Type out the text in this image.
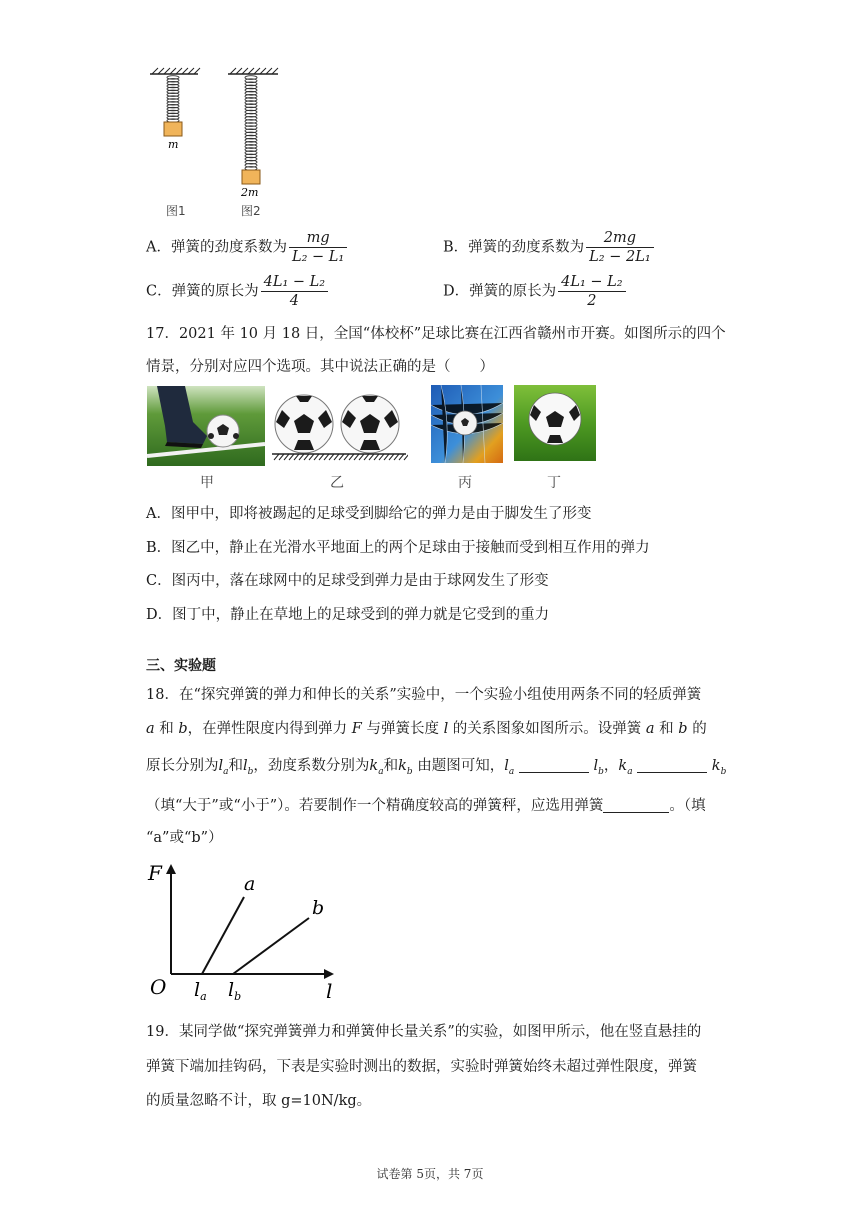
m
2m
图1	图2
A．弹簧的劲度系数为 $\frac{mg}{\text{L₂ − L₁}}$	B．弹簧的劲度系数为 $\frac{2mg}{\text{L₂ − 2L₁}}$
C．弹簧的原长为 $\frac{\text{4L₁ − L₂}}{4}$	D．弹簧的原长为 $\frac{\text{4L₁ − L₂}}{2}$
17．2021 年 10 月 18 日，全国“体校杯”足球比赛在江西省赣州市开赛。如图所示的四个
情景，分别对应四个选项。其中说法正确的是（　　）
甲	乙	丙	丁
A．图甲中，即将被踢起的足球受到脚给它的弹力是由于脚发生了形变
B．图乙中，静止在光滑水平地面上的两个足球由于接触而受到相互作用的弹力
C．图丙中，落在球网中的足球受到弹力是由于球网发生了形变
D．图丁中，静止在草地上的足球受到的弹力就是它受到的重力
三、实验题
18．在“探究弹簧的弹力和伸长的关系”实验中，一个实验小组使用两条不同的轻质弹簧
a 和 b，在弹性限度内得到弹力 F 与弹簧长度 l 的关系图象如图所示。设弹簧 a 和 b 的
原长分别为$l_a$和$l_b$，劲度系数分别为$k_a$和$k_b$ 由题图可知，$l_a$	$l_b$，$k_a$	$k_b$
（填“大于”或“小于”）。若要制作一个精确度较高的弹簧秤，应选用弹簧	。（填
“a”或“b”）
F
O	l
a
b
$l_a$ $l_b$
19．某同学做“探究弹簧弹力和弹簧伸长量关系”的实验，如图甲所示，他在竖直悬挂的
弹簧下端加挂钩码，下表是实验时测出的数据，实验时弹簧始终未超过弹性限度，弹簧
的质量忽略不计，取 g=10N/kg。
试卷第 5页，共 7页
